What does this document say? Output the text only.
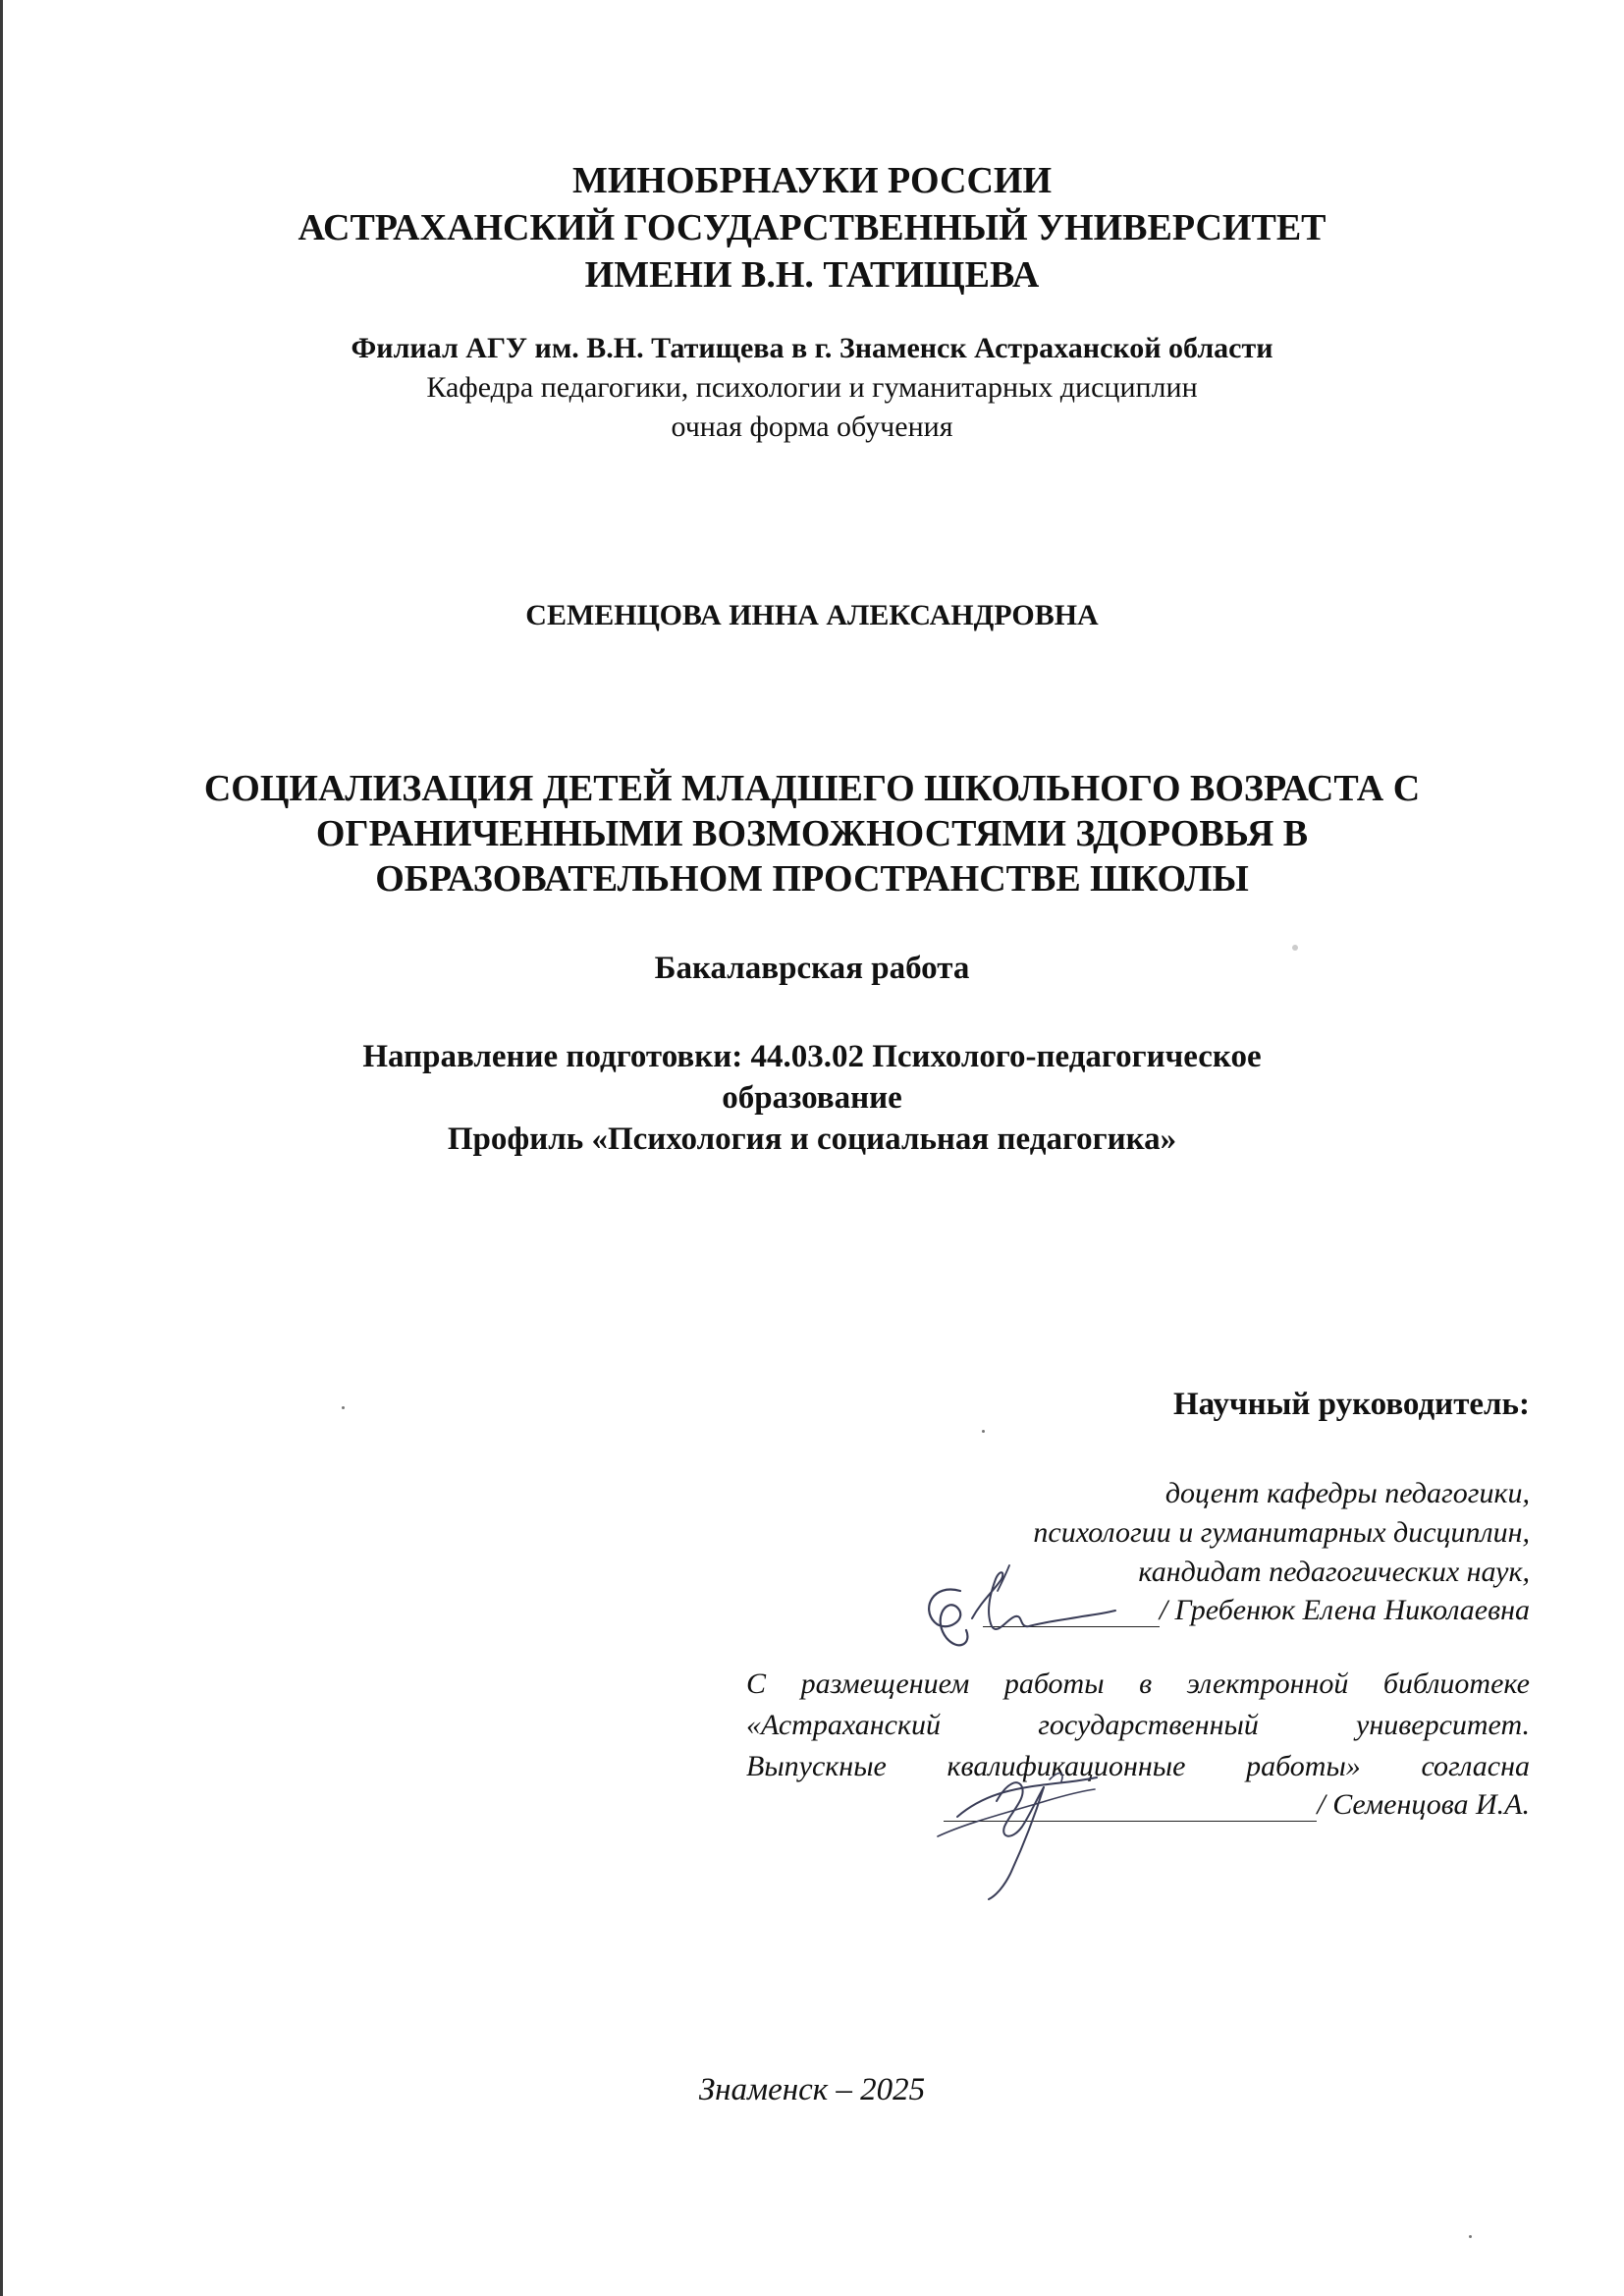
МИНОБРНАУКИ РОССИИ
АСТРАХАНСКИЙ ГОСУДАРСТВЕННЫЙ УНИВЕРСИТЕТ
ИМЕНИ В.Н. ТАТИЩЕВА
Филиал АГУ им. В.Н. Татищева в г. Знаменск Астраханской области
Кафедра педагогики, психологии и гуманитарных дисциплин
очная форма обучения
СЕМЕНЦОВА ИННА АЛЕКСАНДРОВНА
СОЦИАЛИЗАЦИЯ ДЕТЕЙ МЛАДШЕГО ШКОЛЬНОГО ВОЗРАСТА С
ОГРАНИЧЕННЫМИ ВОЗМОЖНОСТЯМИ ЗДОРОВЬЯ В
ОБРАЗОВАТЕЛЬНОМ ПРОСТРАНСТВЕ ШКОЛЫ
Бакалаврская работа
Направление подготовки: 44.03.02 Психолого-педагогическое
образование
Профиль «Психология и социальная педагогика»
Научный руководитель:
доцент кафедры педагогики,
психологии и гуманитарных дисциплин,
кандидат педагогических наук,
/ Гребенюк Елена Николаевна
С размещением работы в электронной библиотеке
«Астраханский государственный университет.
Выпускные квалификационные работы» согласна
/ Семенцова И.А.
Знаменск – 2025
